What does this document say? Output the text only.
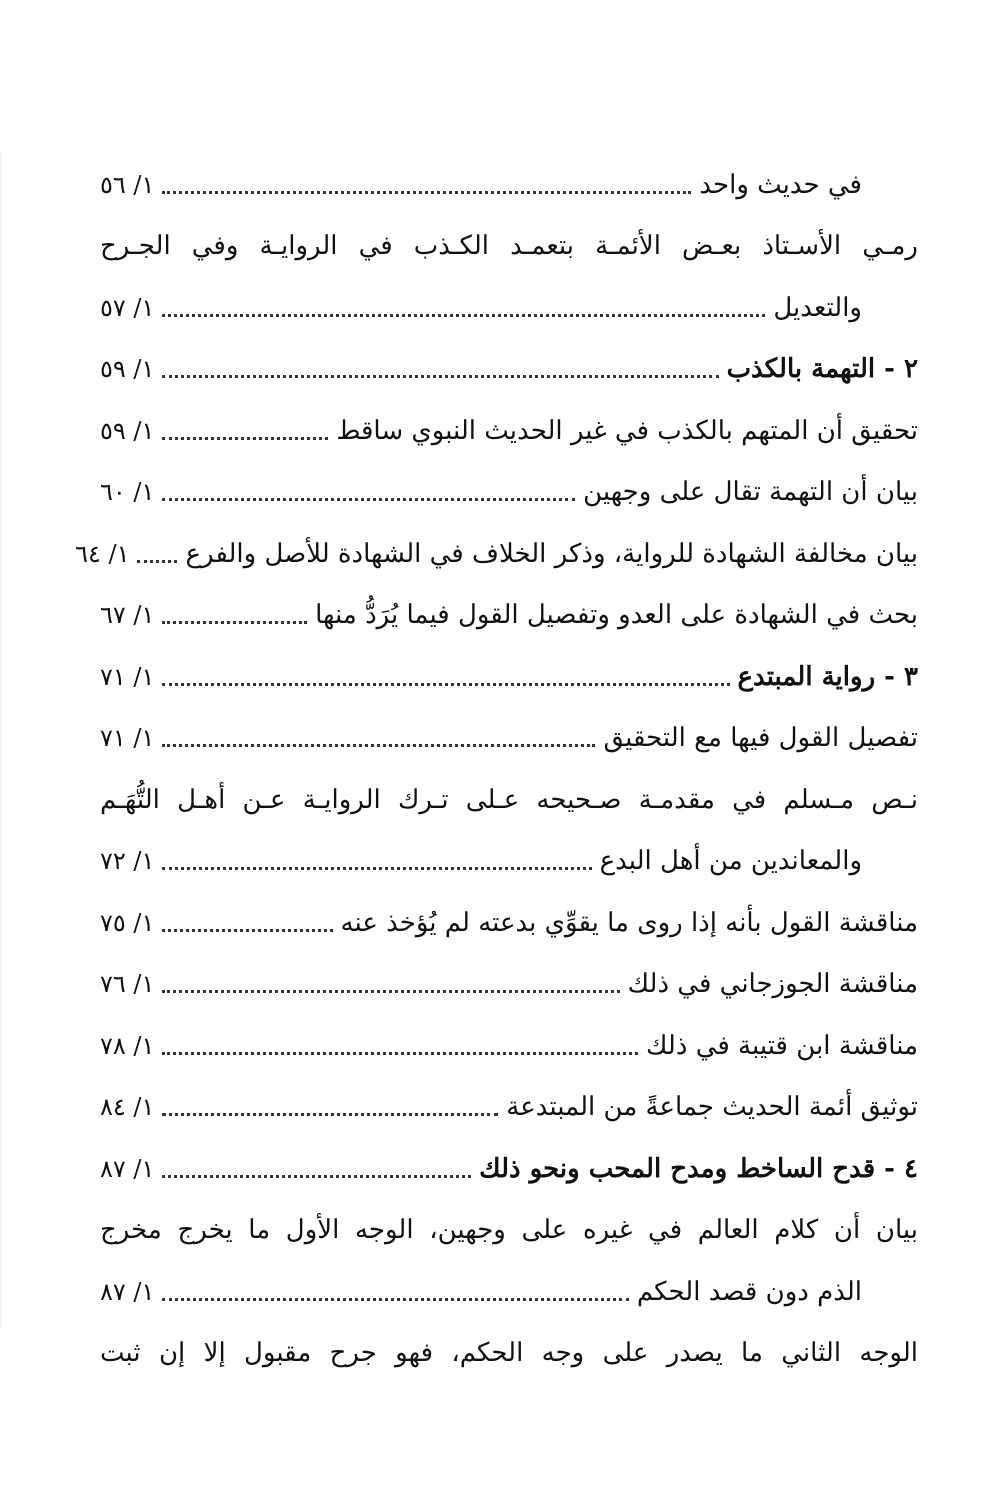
في حديث واحد
١/ ٥٦
رمـي الأسـتاذ بعـض الأئمـة بتعمـد الكـذب في الروايـة وفي الجـرح
والتعديل
١/ ٥٧
٢ - التهمة بالكذب
١/ ٥٩
تحقيق أن المتهم بالكذب في غير الحديث النبوي ساقط
١/ ٥٩
بيان أن التهمة تقال على وجهين
١/ ٦٠
بيان مخالفة الشهادة للرواية، وذكر الخلاف في الشهادة للأصل والفرع
١/ ٦٤
بحث في الشهادة على العدو وتفصيل القول فيما يُرَدُّ منها
١/ ٦٧
٣ - رواية المبتدع
١/ ٧١
تفصيل القول فيها مع التحقيق
١/ ٧١
نـص مـسلم في مقدمـة صـحيحه عـلى تـرك الروايـة عـن أهـل التُّهَـم
والمعاندين من أهل البدع
١/ ٧٢
مناقشة القول بأنه إذا روى ما يقوِّي بدعته لم يُؤخذ عنه
١/ ٧٥
مناقشة الجوزجاني في ذلك
١/ ٧٦
مناقشة ابن قتيبة في ذلك
١/ ٧٨
توثيق أئمة الحديث جماعةً من المبتدعة
١/ ٨٤
٤ - قدح الساخط ومدح المحب ونحو ذلك
١/ ٨٧
بيان أن كلام العالم في غيره على وجهين، الوجه الأول ما يخرج مخرج
الذم دون قصد الحكم
١/ ٨٧
الوجه الثاني ما يصدر على وجه الحكم، فهو جرح مقبول إلا إن ثبت
